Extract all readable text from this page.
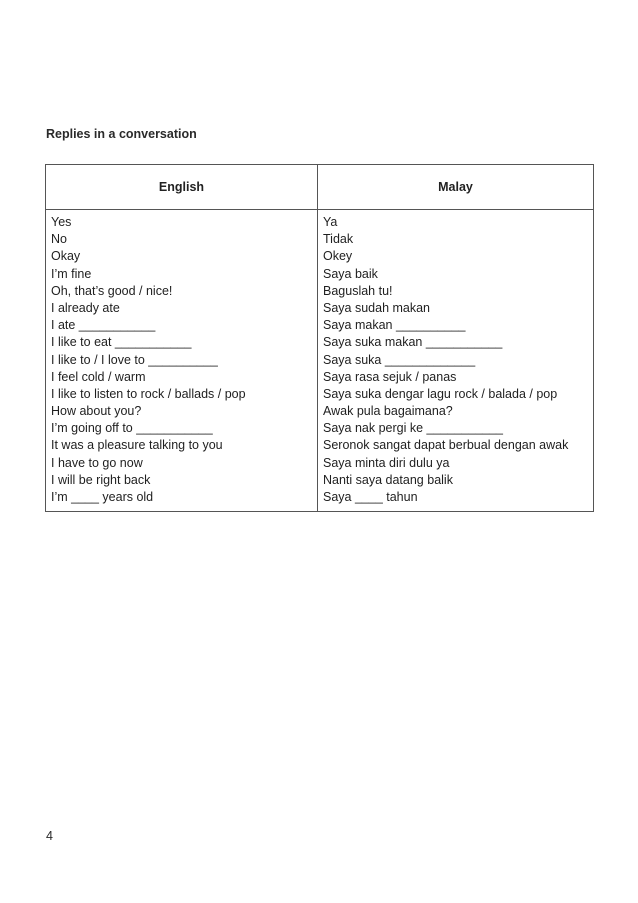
Replies in a conversation
English	Malay
Yes
No
Okay
I’m fine
Oh, that’s good / nice!
I already ate
I ate ___________
I like to eat ___________
I like to / I love to __________
I feel cold / warm
I like to listen to rock / ballads / pop
How about you?
I’m going off to ___________
It was a pleasure talking to you
I have to go now
I will be right back
I’m ____ years old
Ya
Tidak
Okey
Saya baik
Baguslah tu!
Saya sudah makan
Saya makan __________
Saya suka makan ___________
Saya suka _____________
Saya rasa sejuk / panas
Saya suka dengar lagu rock / balada / pop
Awak pula bagaimana?
Saya nak pergi ke ___________
Seronok sangat dapat berbual dengan awak
Saya minta diri dulu ya
Nanti saya datang balik
Saya ____ tahun
4
